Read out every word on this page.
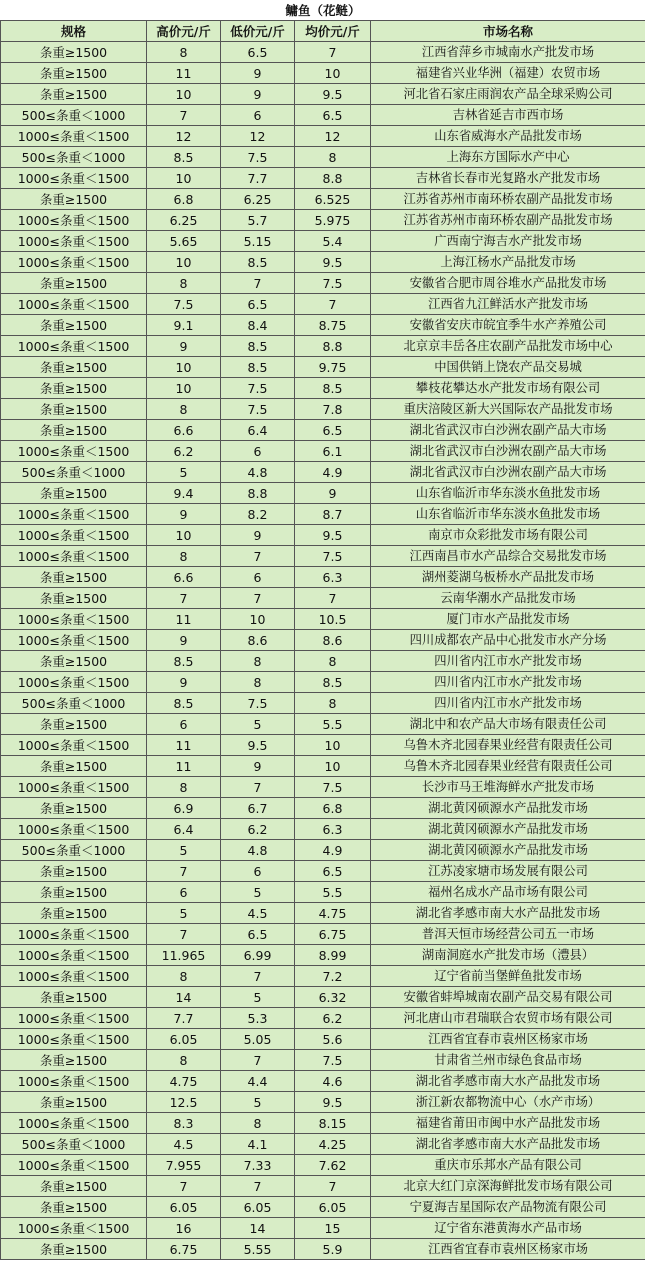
鳙鱼（花鲢）				
规格	高价元/斤	低价元/斤	均价元/斤	市场名称
条重≥1500	8	6.5	7	江西省萍乡市城南水产批发市场
条重≥1500	11	9	10	福建省兴业华洲（福建）农贸市场
条重≥1500	10	9	9.5	河北省石家庄雨润农产品全球采购公司
500≤条重＜1000	7	6	6.5	吉林省延吉市西市场
1000≤条重＜1500	12	12	12	山东省威海水产品批发市场
500≤条重＜1000	8.5	7.5	8	上海东方国际水产中心
1000≤条重＜1500	10	7.7	8.8	吉林省长春市光复路水产批发市场
条重≥1500	6.8	6.25	6.525	江苏省苏州市南环桥农副产品批发市场
1000≤条重＜1500	6.25	5.7	5.975	江苏省苏州市南环桥农副产品批发市场
1000≤条重＜1500	5.65	5.15	5.4	广西南宁海吉水产批发市场
1000≤条重＜1500	10	8.5	9.5	上海江杨水产品批发市场
条重≥1500	8	7	7.5	安徽省合肥市周谷堆水产品批发市场
1000≤条重＜1500	7.5	6.5	7	江西省九江鲜活水产批发市场
条重≥1500	9.1	8.4	8.75	安徽省安庆市皖宜季牛水产养殖公司
1000≤条重＜1500	9	8.5	8.8	北京京丰岳各庄农副产品批发市场中心
条重≥1500	10	8.5	9.75	中国供销上饶农产品交易城
条重≥1500	10	7.5	8.5	攀枝花攀达水产批发市场有限公司
条重≥1500	8	7.5	7.8	重庆涪陵区新大兴国际农产品批发市场
条重≥1500	6.6	6.4	6.5	湖北省武汉市白沙洲农副产品大市场
1000≤条重＜1500	6.2	6	6.1	湖北省武汉市白沙洲农副产品大市场
500≤条重＜1000	5	4.8	4.9	湖北省武汉市白沙洲农副产品大市场
条重≥1500	9.4	8.8	9	山东省临沂市华东淡水鱼批发市场
1000≤条重＜1500	9	8.2	8.7	山东省临沂市华东淡水鱼批发市场
1000≤条重＜1500	10	9	9.5	南京市众彩批发市场有限公司
1000≤条重＜1500	8	7	7.5	江西南昌市水产品综合交易批发市场
条重≥1500	6.6	6	6.3	湖州菱湖乌板桥水产品批发市场
条重≥1500	7	7	7	云南华潮水产品批发市场
1000≤条重＜1500	11	10	10.5	厦门市水产品批发市场
1000≤条重＜1500	9	8.6	8.6	四川成都农产品中心批发市水产分场
条重≥1500	8.5	8	8	四川省内江市水产批发市场
1000≤条重＜1500	9	8	8.5	四川省内江市水产批发市场
500≤条重＜1000	8.5	7.5	8	四川省内江市水产批发市场
条重≥1500	6	5	5.5	湖北中和农产品大市场有限责任公司
1000≤条重＜1500	11	9.5	10	乌鲁木齐北园春果业经营有限责任公司
条重≥1500	11	9	10	乌鲁木齐北园春果业经营有限责任公司
1000≤条重＜1500	8	7	7.5	长沙市马王堆海鲜水产批发市场
条重≥1500	6.9	6.7	6.8	湖北黄冈硕源水产品批发市场
1000≤条重＜1500	6.4	6.2	6.3	湖北黄冈硕源水产品批发市场
500≤条重＜1000	5	4.8	4.9	湖北黄冈硕源水产品批发市场
条重≥1500	7	6	6.5	江苏凌家塘市场发展有限公司
条重≥1500	6	5	5.5	福州名成水产品市场有限公司
条重≥1500	5	4.5	4.75	湖北省孝感市南大水产品批发市场
1000≤条重＜1500	7	6.5	6.75	普洱天恒市场经营公司五一市场
1000≤条重＜1500	11.965	6.99	8.99	湖南洞庭水产批发市场（澧县）
1000≤条重＜1500	8	7	7.2	辽宁省前当堡鲜鱼批发市场
条重≥1500	14	5	6.32	安徽省蚌埠城南农副产品交易有限公司
1000≤条重＜1500	7.7	5.3	6.2	河北唐山市君瑞联合农贸市场有限公司
1000≤条重＜1500	6.05	5.05	5.6	江西省宜春市袁州区杨家市场
条重≥1500	8	7	7.5	甘肃省兰州市绿色食品市场
1000≤条重＜1500	4.75	4.4	4.6	湖北省孝感市南大水产品批发市场
条重≥1500	12.5	5	9.5	浙江新农都物流中心（水产市场）
1000≤条重＜1500	8.3	8	8.15	福建省莆田市闽中水产品批发市场
500≤条重＜1000	4.5	4.1	4.25	湖北省孝感市南大水产品批发市场
1000≤条重＜1500	7.955	7.33	7.62	重庆市乐邦水产品有限公司
条重≥1500	7	7	7	北京大红门京深海鲜批发市场有限公司
条重≥1500	6.05	6.05	6.05	宁夏海吉星国际农产品物流有限公司
1000≤条重＜1500	16	14	15	辽宁省东港黄海水产品市场
条重≥1500	6.75	5.55	5.9	江西省宜春市袁州区杨家市场
